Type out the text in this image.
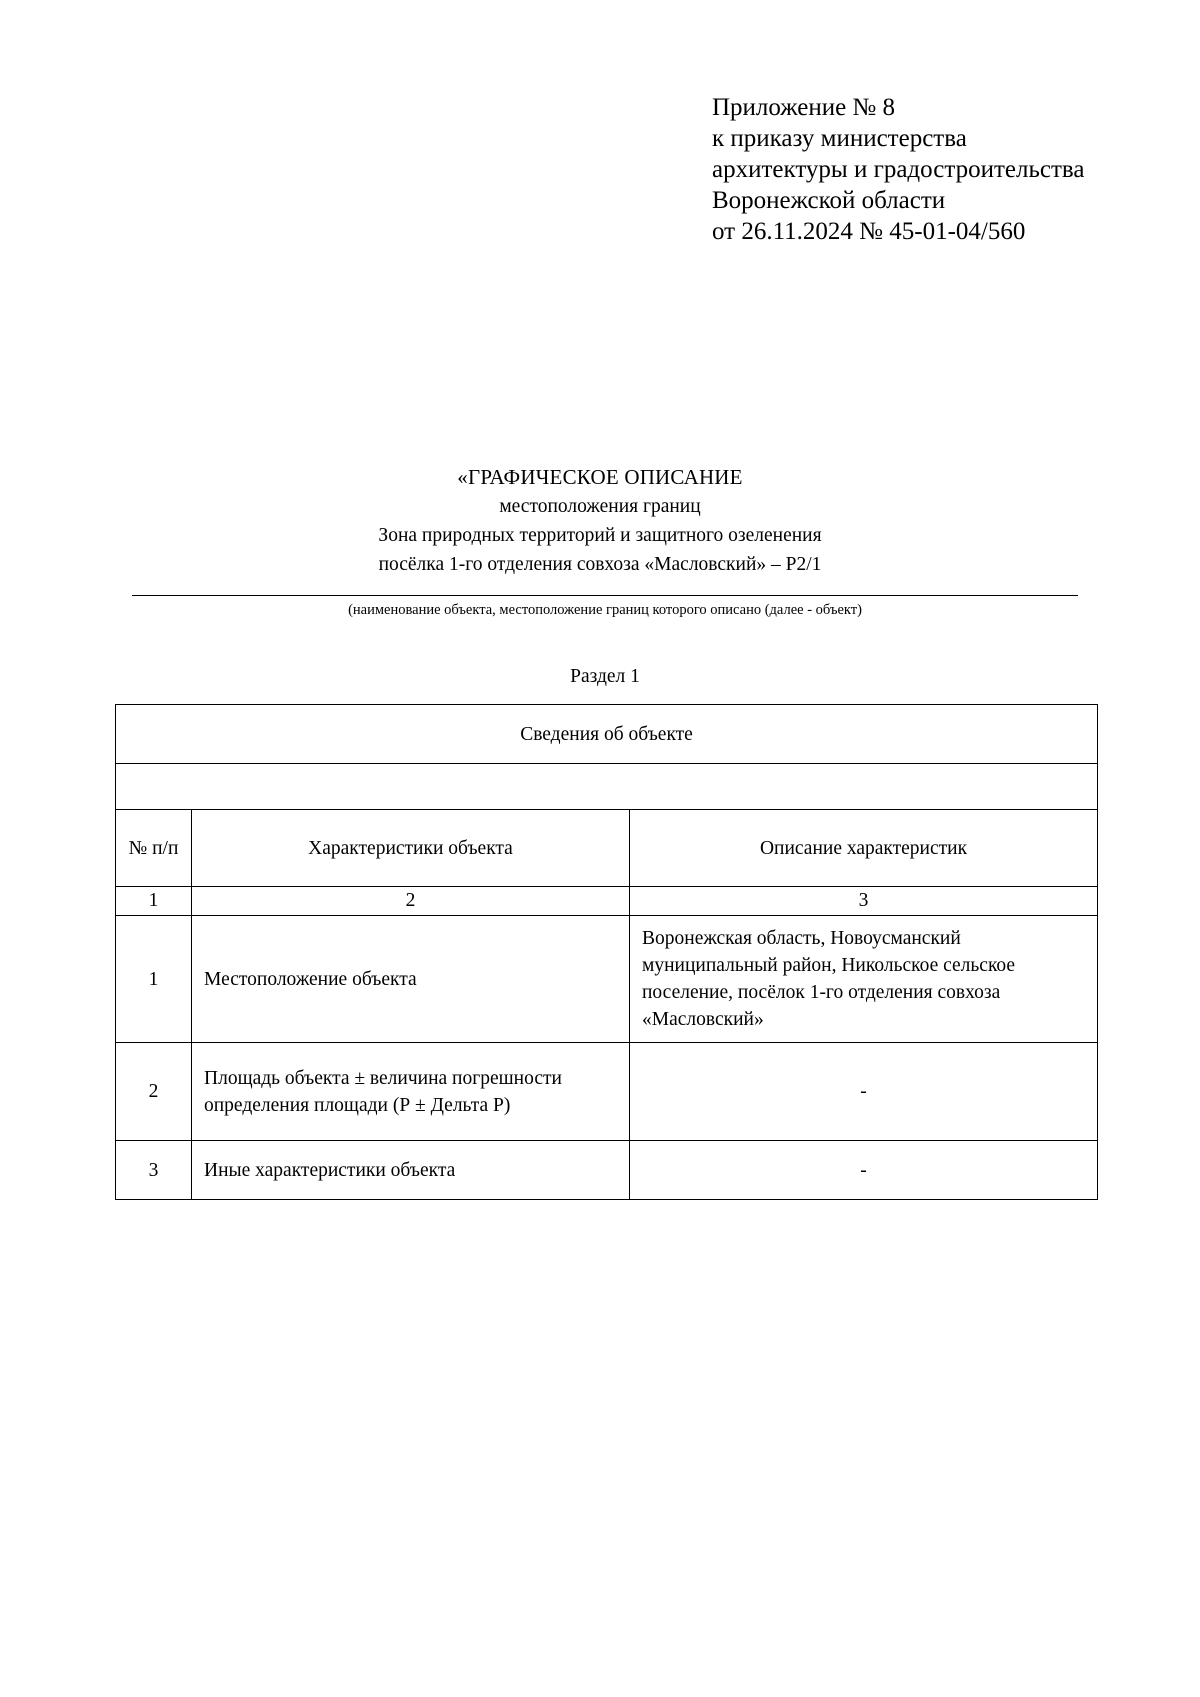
Приложение № 8
к приказу министерства
архитектуры и градостроительства
Воронежской области
от 26.11.2024 № 45-01-04/560
«ГРАФИЧЕСКОЕ ОПИСАНИЕ
местоположения границ
Зона природных территорий и защитного озеленения
посёлка 1-го отделения совхоза «Масловский» – Р2/1
(наименование объекта, местоположение границ которого описано (далее - объект)
Раздел 1
Сведения об объекте		

№ п/п	Характеристики объекта	Описание характеристик
1	2	3
1	Местоположение объекта	Воронежская область, Новоусманский муниципальный район, Никольское сельское поселение, посёлок 1-го отделения совхоза «Масловский»
2	Площадь объекта ± величина погрешности определения площади (Р ± Дельта Р)	-
3	Иные характеристики объекта	-
